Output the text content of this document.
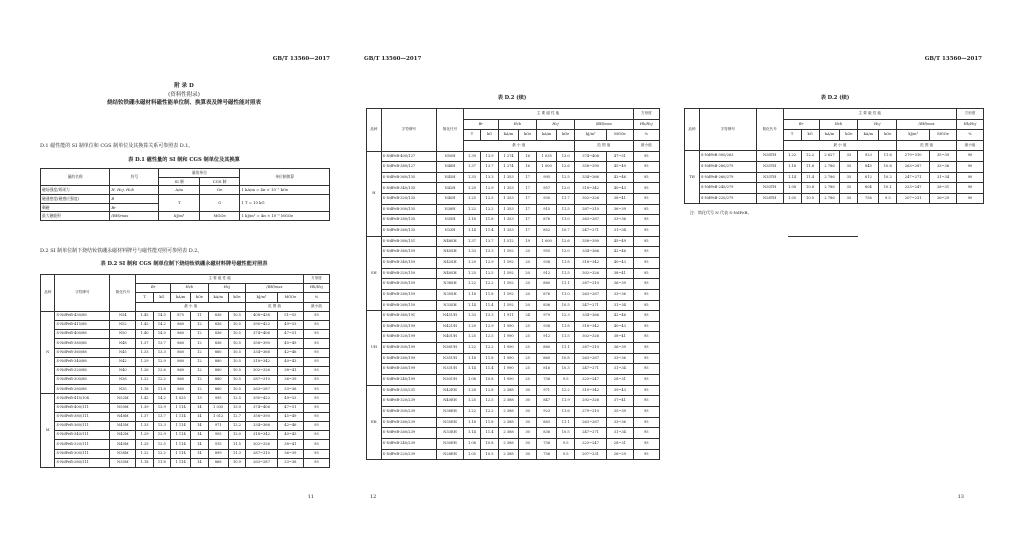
GB/T 13560—2017
附 录 D
(资料性附录)
烧结钕铁硼永磁材料磁性能单位制、换算表及牌号磁性能对照表
D.1 磁性能的 SI 制单位和 CGS 制单位及其换算关系可参照表 D.1。
表 D.1 磁性量的 SI 制和 CGS 制单位及其换算
量的名称	符号	量的单位		单位制换算
		SI 制	CGS 制	
磁场强度/矫顽力	H, Hcj, Hcb	A/m	Oe	1 kA/m = 4π × 10⁻¹ kOe
磁通密度(磁感应强度)	B	T	G	1 T = 10 kG
剩磁	Br			
最大磁能积	(BH)max	kJ/m³	MGOe	1 kJ/m³ = 4π × 10⁻² MGOe
D.2 SI 制单位制下烧结钕铁硼永磁材料牌号与磁性能对照可参照表 D.2。
表 D.2 SI 制和 CGS 制单位制下烧结钕铁硼永磁材料牌号磁性能对照表
品种	字符牌号	简化代号	主 要 磁 性 能								方形度
			Br		Hcb		Hcj		(BH)max		Hk/Hcj
			T	kG	kA/m	kOe	kA/m	kOe	kJ/m³	MGOe	%
			最 小 值						范 围 值		最小值
N	S-NdFeB-430/88	N54	1.45	14.5	875	11	836	10.5	408~438	51~55	95
	S-NdFeB-415/88	N52	1.42	14.2	860	12	836	10.5	390~422	49~53	95
	S-NdFeB-400/88	N50	1.40	14.0	860	12	836	10.5	374~406	47~51	95
	S-NdFeB-380/88	N48	1.37	13.7	860	12	836	10.5	358~390	45~49	95
	S-NdFeB-360/88	N45	1.33	13.3	860	12	880	10.5	334~366	42~46	95
	S-NdFeB-340/88	N42	1.29	12.9	860	12	880	10.5	318~342	40~43	95
	S-NdFeB-320/88	N40	1.26	12.6	860	12	880	10.5	302~326	38~41	95
	S-NdFeB-300/88	N38	1.22	12.2	860	12	880	10.5	287~310	36~39	95
	S-NdFeB-280/88	N35	1.18	11.8	860	12	880	10.5	263~287	33~36	95
M	S-NdFeB-415/104	N52M	1.42	14.2	1 035	13	995	12.5	390~422	49~53	95
	S-NdFeB-400/111	N50M	1.39	13.9	1 114	14	1 035	13.0	374~406	47~51	95
	S-NdFeB-380/111	N48M	1.37	13.7	1 114	14	1 012	12.7	358~390	45~49	95
	S-NdFeB-360/111	N45M	1.33	13.3	1 114	14	971	12.2	334~366	42~46	95
	S-NdFeB-340/111	N42M	1.29	12.9	1 114	14	955	12.0	318~342	40~43	95
	S-NdFeB-320/111	N40M	1.25	12.5	1 114	14	915	11.5	302~326	38~41	95
	S-NdFeB-300/111	N38M	1.22	12.2	1 114	14	899	11.3	287~310	36~39	95
	S-NdFeB-280/111	N35M	1.18	11.8	1 114	14	868	10.9	263~287	33~36	95
11
GB/T 13560—2017
表 D.2 (续)
品种	字符牌号	简化代号	主 要 磁 性 能								方形度
			Br		Hcb		Hcj		(BH)max		Hk/Hcj
			T	kG	kA/m	kOe	kA/m	kOe	kJ/m³	MGOe	%
			最 小 值						范 围 值		最小值
H	S-NdFeB-400/127	N50H	1.39	13.9	1 274	16	1 035	13.0	374~406	47~51	95
	S-NdFeB-380/127	N48H	1.37	13.7	1 274	16	1 000	12.6	358~390	45~49	95
	S-NdFeB-360/135	N45H	1.33	13.3	1 353	17	995	12.5	334~366	42~46	95
	S-NdFeB-340/135	N42H	1.29	12.9	1 353	17	957	12.0	318~342	40~43	95
	S-NdFeB-320/135	N40H	1.25	12.5	1 353	17	930	11.7	302~326	38~41	95
	S-NdFeB-300/135	N38H	1.22	12.2	1 353	17	915	11.5	287~310	36~39	95
	S-NdFeB-280/135	N35H	1.18	11.8	1 353	17	876	11.0	263~287	33~36	95
	S-NdFeB-260/135	N33H	1.14	11.4	1 353	17	852	10.7	247~271	31~34	95
SH	S-NdFeB-380/151	N48SH	1.37	13.7	1 512	19	1 000	12.6	358~390	45~49	95
	S-NdFeB-360/159	N45SH	1.33	13.3	1 592	20	955	12.0	334~366	42~46	95
	S-NdFeB-340/159	N42SH	1.29	12.9	1 592	20	938	11.8	318~342	40~43	95
	S-NdFeB-320/159	N40SH	1.25	12.5	1 592	20	912	11.5	302~326	38~41	95
	S-NdFeB-300/159	N38SH	1.22	12.2	1 592	20	880	11.1	287~310	36~39	95
	S-NdFeB-280/159	N35SH	1.18	11.8	1 592	20	876	11.0	263~287	33~36	95
	S-NdFeB-260/159	N33SH	1.14	11.4	1 592	20	836	10.5	247~271	31~34	95
UH	S-NdFeB-360/191	N45UH	1.33	13.3	1 911	24	979	12.3	334~366	42~46	95
	S-NdFeB-335/199	N42UH	1.29	12.9	1 990	25	938	11.8	318~342	40~43	95
	S-NdFeB-320/199	N40UH	1.25	12.5	1 990	25	912	11.5	302~326	38~41	95
	S-NdFeB-300/199	N38UH	1.22	12.2	1 990	25	880	11.1	287~310	36~39	95
	S-NdFeB-280/199	N35UH	1.18	11.8	1 990	25	860	10.8	263~287	33~36	95
	S-NdFeB-260/199	N33UH	1.14	11.4	1 990	25	816	10.3	247~271	31~34	95
	S-NdFeB-240/199	N30UH	1.08	10.8	1 990	25	756	9.5	223~247	28~31	95
EH	S-NdFeB-335/231	N42EH	1.28	12.8	2 388	30	971	12.2	310~342	39~43	95
	S-NdFeB-320/239	N40EH	1.25	12.5	2 388	30	847	11.9	292~326	37~41	95
	S-NdFeB-300/239	N38EH	1.22	12.2	2 388	30	923	11.6	279~310	35~39	95
	S-NdFeB-280/239	N35EH	1.18	11.8	2 388	30	883	11.1	263~287	33~36	95
	S-NdFeB-260/239	N33EH	1.14	11.4	2 388	30	836	10.5	247~271	31~34	95
	S-NdFeB-240/239	N30EH	1.08	10.8	2 388	30	756	9.5	223~247	28~31	95
	S-NdFeB-220/239	N28EH	1.05	10.5	2 388	30	756	9.5	207~231	26~29	95
12
GB/T 13560—2017
表 D.2 (续)
品种	字符牌号	简化代号	主 要 磁 性 能								方形度
			Br		Hcb		Hcj		(BH)max		Hk/Hcj
			T	kG	kA/m	kOe	kA/m	kOe	kJ/m³	MGOe	%
			最 小 值						范 围 值		最小值
TH	S-NdFeB-300/263	N38TH	1.22	12.2	2 627	33	923	11.6	279~310	35~39	90
	S-NdFeB-280/279	N35TH	1.18	11.8	2 786	35	845	10.6	263~287	33~36	90
	S-NdFeB-260/279	N33TH	1.14	11.4	2 786	35	812	10.2	247~271	31~34	90
	S-NdFeB-240/279	N30TH	1.08	10.8	2 786	35	804	10.1	223~247	28~31	90
	S-NdFeB-220/279	N28TH	1.05	10.5	2 786	35	756	9.5	207~231	26~29	90
注：简化代号 N 代表 S-NdFeB。
13
